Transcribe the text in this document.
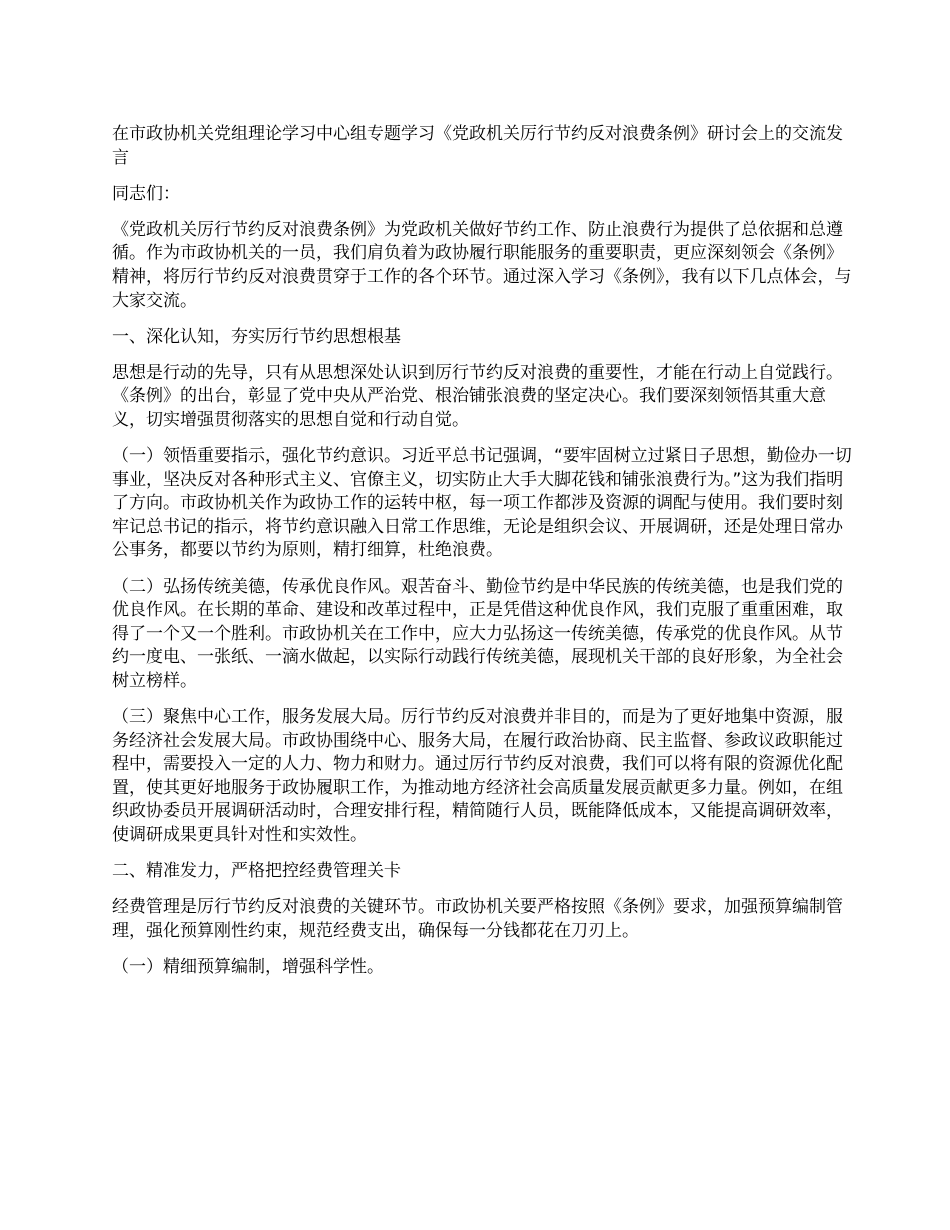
在市政协机关党组理论学习中心组专题学习《党政机关厉行节约反对浪费条例》研讨会上的交流发言

同志们：

《党政机关厉行节约反对浪费条例》为党政机关做好节约工作、防止浪费行为提供了总依据和总遵循。作为市政协机关的一员，我们肩负着为政协履行职能服务的重要职责，更应深刻领会《条例》精神，将厉行节约反对浪费贯穿于工作的各个环节。通过深入学习《条例》，我有以下几点体会，与大家交流。

一、深化认知，夯实厉行节约思想根基

思想是行动的先导，只有从思想深处认识到厉行节约反对浪费的重要性，才能在行动上自觉践行。《条例》的出台，彰显了党中央从严治党、根治铺张浪费的坚定决心。我们要深刻领悟其重大意义，切实增强贯彻落实的思想自觉和行动自觉。

（一）领悟重要指示，强化节约意识。习近平总书记强调，“要牢固树立过紧日子思想，勤俭办一切事业，坚决反对各种形式主义、官僚主义，切实防止大手大脚花钱和铺张浪费行为。”这为我们指明了方向。市政协机关作为政协工作的运转中枢，每一项工作都涉及资源的调配与使用。我们要时刻牢记总书记的指示，将节约意识融入日常工作思维，无论是组织会议、开展调研，还是处理日常办公事务，都要以节约为原则，精打细算，杜绝浪费。

（二）弘扬传统美德，传承优良作风。艰苦奋斗、勤俭节约是中华民族的传统美德，也是我们党的优良作风。在长期的革命、建设和改革过程中，正是凭借这种优良作风，我们克服了重重困难，取得了一个又一个胜利。市政协机关在工作中，应大力弘扬这一传统美德，传承党的优良作风。从节约一度电、一张纸、一滴水做起，以实际行动践行传统美德，展现机关干部的良好形象，为全社会树立榜样。

（三）聚焦中心工作，服务发展大局。厉行节约反对浪费并非目的，而是为了更好地集中资源，服务经济社会发展大局。市政协围绕中心、服务大局，在履行政治协商、民主监督、参政议政职能过程中，需要投入一定的人力、物力和财力。通过厉行节约反对浪费，我们可以将有限的资源优化配置，使其更好地服务于政协履职工作，为推动地方经济社会高质量发展贡献更多力量。例如，在组织政协委员开展调研活动时，合理安排行程，精简随行人员，既能降低成本，又能提高调研效率，使调研成果更具针对性和实效性。

二、精准发力，严格把控经费管理关卡

经费管理是厉行节约反对浪费的关键环节。市政协机关要严格按照《条例》要求，加强预算编制管理，强化预算刚性约束，规范经费支出，确保每一分钱都花在刀刃上。

（一）精细预算编制，增强科学性。
